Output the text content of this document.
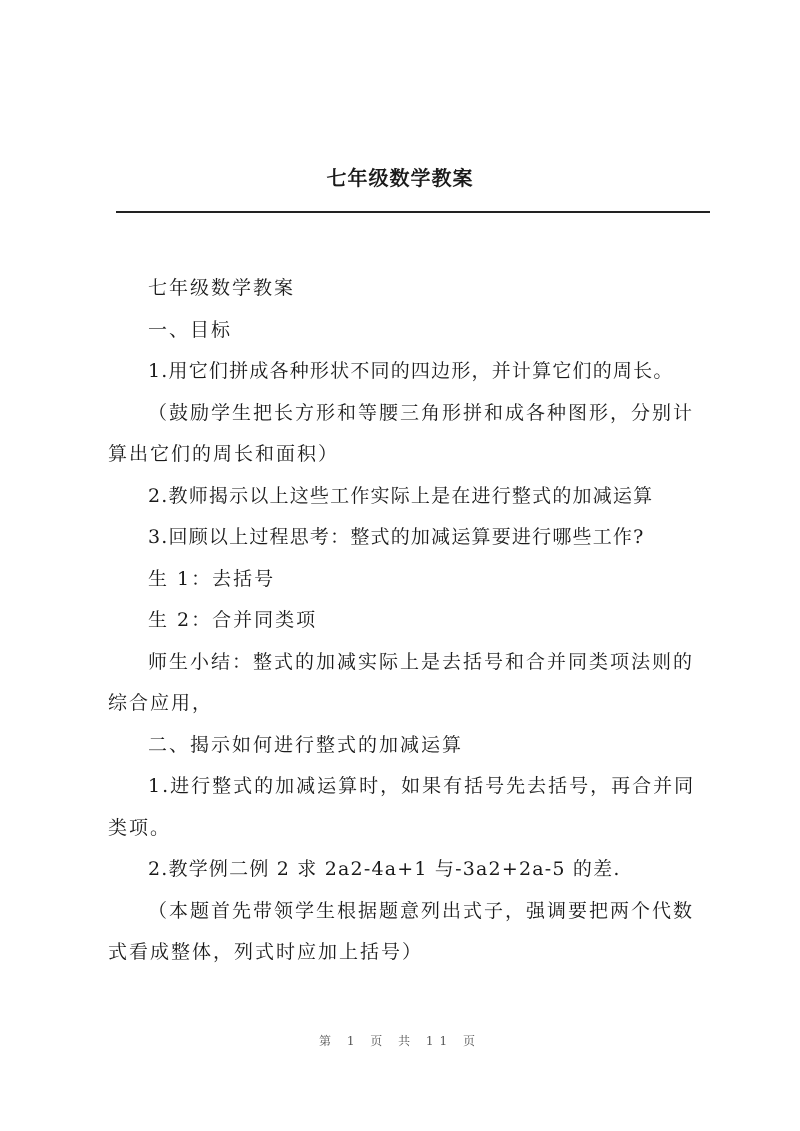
七年级数学教案

七年级数学教案

一、目标

1.用它们拼成各种形状不同的四边形，并计算它们的周长。

（鼓励学生把长方形和等腰三角形拼和成各种图形，分别计算出它们的周长和面积）

2.教师揭示以上这些工作实际上是在进行整式的加减运算

3.回顾以上过程思考：整式的加减运算要进行哪些工作?

生 1：去括号

生 2：合并同类项

师生小结：整式的加减实际上是去括号和合并同类项法则的综合应用，

二、揭示如何进行整式的加减运算

1.进行整式的加减运算时，如果有括号先去括号，再合并同类项。

2.教学例二例 2 求 2a2-4a+1 与-3a2+2a-5 的差.

（本题首先带领学生根据题意列出式子，强调要把两个代数式看成整体，列式时应加上括号）

第 1 页 共 11 页
